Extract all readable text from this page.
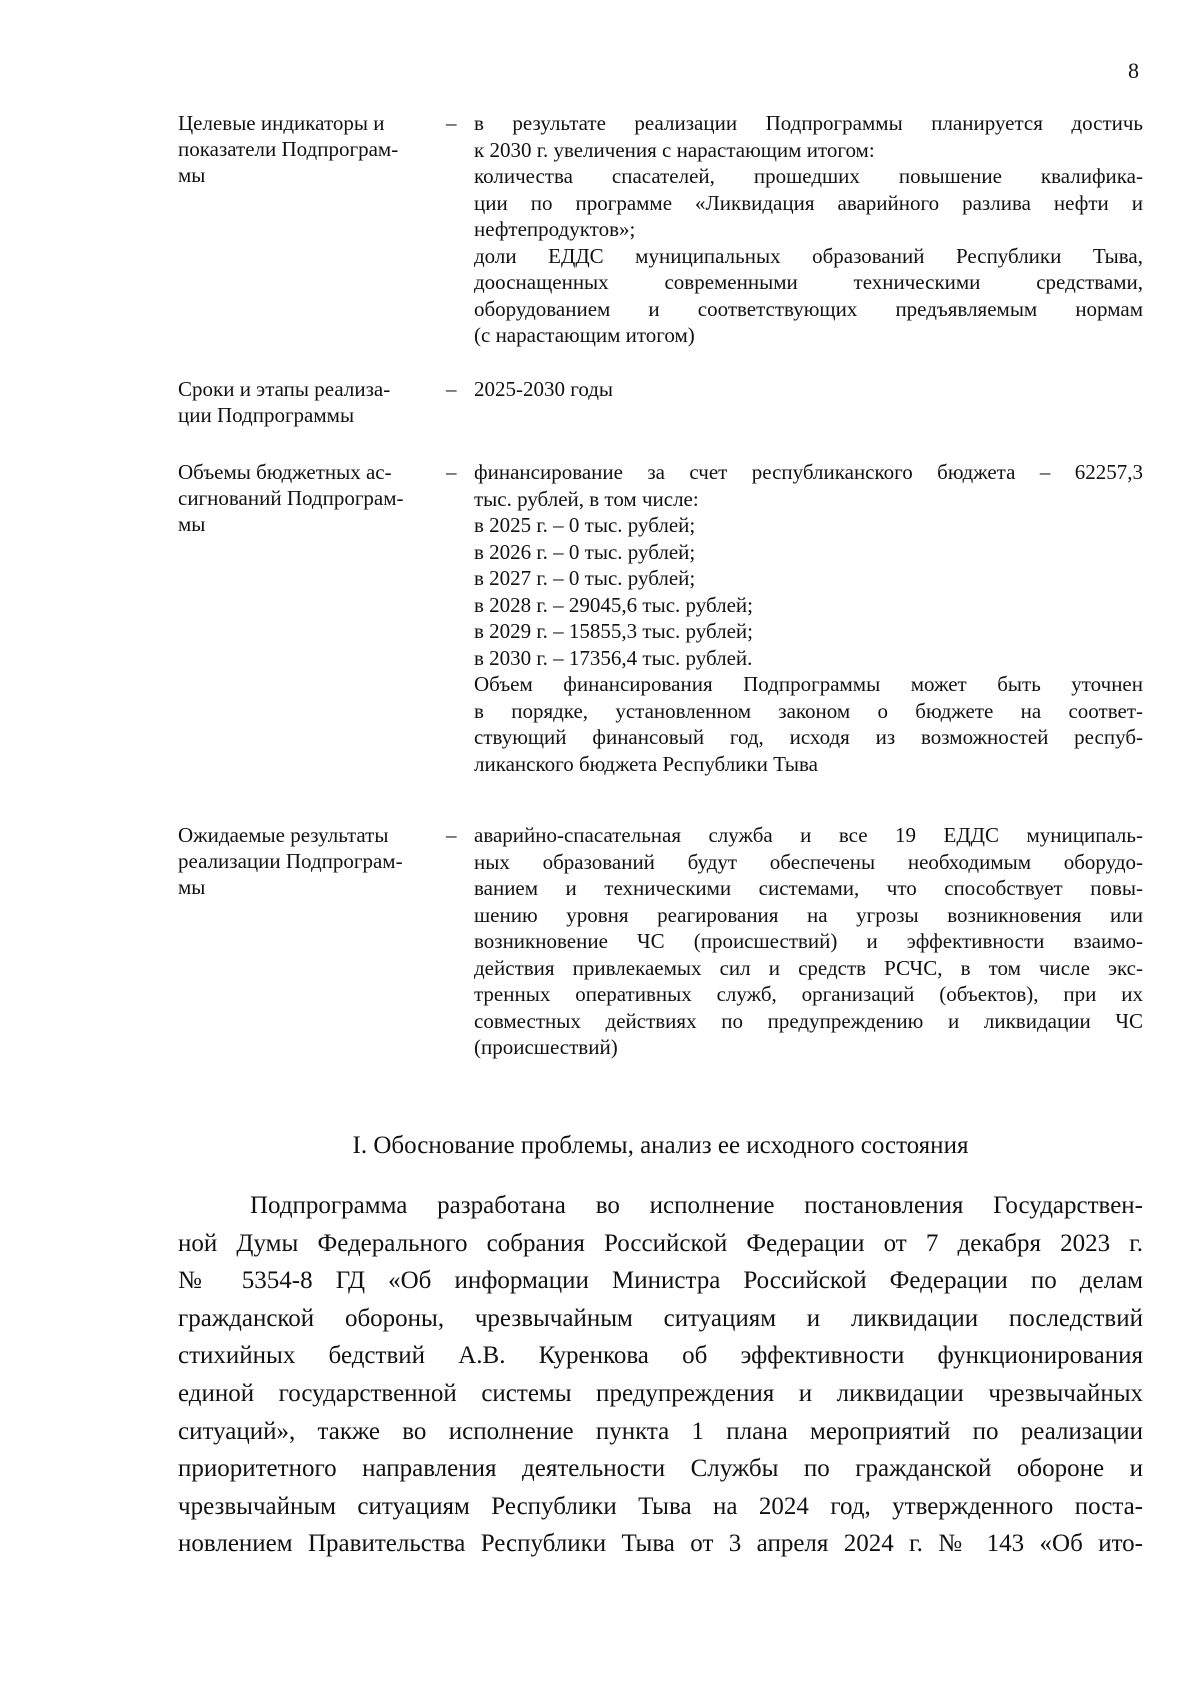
8
Целевые индикаторы и
показатели Подпрограм-
мы
– в результате реализации Подпрограммы планируется достичь
к 2030 г. увеличения с нарастающим итогом:
количества спасателей, прошедших повышение квалифика-
ции по программе «Ликвидация аварийного разлива нефти и
нефтепродуктов»;
доли ЕДДС муниципальных образований Республики Тыва,
дооснащенных современными техническими средствами,
оборудованием и соответствующих предъявляемым нормам
(с нарастающим итогом)
Сроки и этапы реализа-
ции Подпрограммы
– 2025-2030 годы
Объемы бюджетных ас-
сигнований Подпрограм-
мы
– финансирование за счет республиканского бюджета – 62257,3
тыс. рублей, в том числе:
в 2025 г. – 0 тыс. рублей;
в 2026 г. – 0 тыс. рублей;
в 2027 г. – 0 тыс. рублей;
в 2028 г. – 29045,6 тыс. рублей;
в 2029 г. – 15855,3 тыс. рублей;
в 2030 г. – 17356,4 тыс. рублей.
Объем финансирования Подпрограммы может быть уточнен
в порядке, установленном законом о бюджете на соответ-
ствующий финансовый год, исходя из возможностей респуб-
ликанского бюджета Республики Тыва
Ожидаемые результаты
реализации Подпрограм-
мы
– аварийно-спасательная служба и все 19 ЕДДС муниципаль-
ных образований будут обеспечены необходимым оборудо-
ванием и техническими системами, что способствует повы-
шению уровня реагирования на угрозы возникновения или
возникновение ЧС (происшествий) и эффективности взаимо-
действия привлекаемых сил и средств РСЧС, в том числе экс-
тренных оперативных служб, организаций (объектов), при их
совместных действиях по предупреждению и ликвидации ЧС
(происшествий)
I. Обоснование проблемы, анализ ее исходного состояния
Подпрограмма разработана во исполнение постановления Государствен-
ной Думы Федерального собрания Российской Федерации от 7 декабря 2023 г.
№ 5354-8 ГД «Об информации Министра Российской Федерации по делам
гражданской обороны, чрезвычайным ситуациям и ликвидации последствий
стихийных бедствий А.В. Куренкова об эффективности функционирования
единой государственной системы предупреждения и ликвидации чрезвычайных
ситуаций», также во исполнение пункта 1 плана мероприятий по реализации
приоритетного направления деятельности Службы по гражданской обороне и
чрезвычайным ситуациям Республики Тыва на 2024 год, утвержденного поста-
новлением Правительства Республики Тыва от 3 апреля 2024 г. № 143 «Об ито-
